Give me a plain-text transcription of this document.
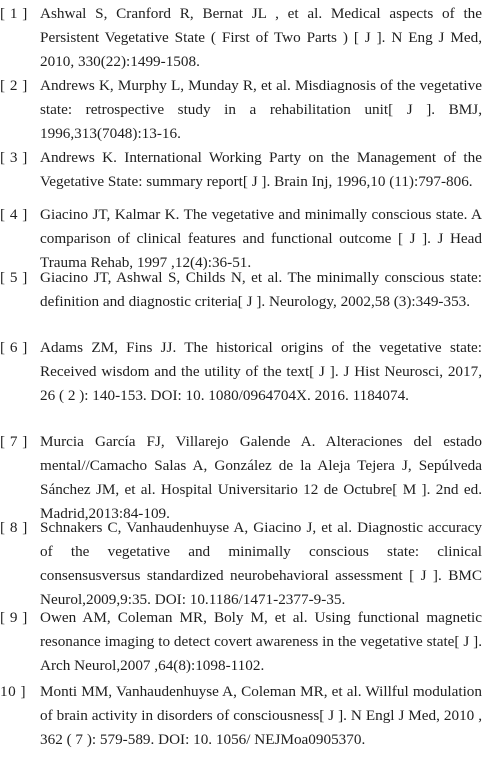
[ 1 ] Ashwal S, Cranford R, Bernat JL , et al. Medical aspects of the Persistent Vegetative State ( First of Two Parts ) [ J ]. N Eng J Med, 2010, 330(22):1499-1508.
[ 2 ] Andrews K, Murphy L, Munday R, et al. Misdiagnosis of the vegetative state: retrospective study in a rehabilitation unit[ J ]. BMJ, 1996,313(7048):13-16.
[ 3 ] Andrews K. International Working Party on the Management of the Vegetative State: summary report[ J ]. Brain Inj, 1996,10 (11):797-806.
[ 4 ] Giacino JT, Kalmar K. The vegetative and minimally conscious state. A comparison of clinical features and functional outcome [ J ]. J Head Trauma Rehab, 1997 ,12(4):36-51.
[ 5 ] Giacino JT, Ashwal S, Childs N, et al. The minimally conscious state: definition and diagnostic criteria[ J ]. Neurology, 2002,58 (3):349-353.
[ 6 ] Adams ZM, Fins JJ. The historical origins of the vegetative state: Received wisdom and the utility of the text[ J ]. J Hist Neurosci, 2017, 26 ( 2 ): 140-153. DOI: 10. 1080/0964704X. 2016. 1184074.
[ 7 ] Murcia García FJ, Villarejo Galende A. Alteraciones del estado mental//Camacho Salas A, González de la Aleja Tejera J, Sepúlveda Sánchez JM, et al. Hospital Universitario 12 de Octubre[ M ]. 2nd ed. Madrid,2013:84-109.
[ 8 ] Schnakers C, Vanhaudenhuyse A, Giacino J, et al. Diagnostic accuracy of the vegetative and minimally conscious state: clinical consensusversus standardized neurobehavioral assessment [ J ]. BMC Neurol,2009,9:35. DOI: 10.1186/1471-2377-9-35.
[ 9 ] Owen AM, Coleman MR, Boly M, et al. Using functional magnetic resonance imaging to detect covert awareness in the vegetative state[ J ]. Arch Neurol,2007 ,64(8):1098-1102.
10 ] Monti MM, Vanhaudenhuyse A, Coleman MR, et al. Willful modulation of brain activity in disorders of consciousness[ J ]. N Engl J Med, 2010 , 362 ( 7 ): 579-589. DOI: 10. 1056/ NEJMoa0905370.
